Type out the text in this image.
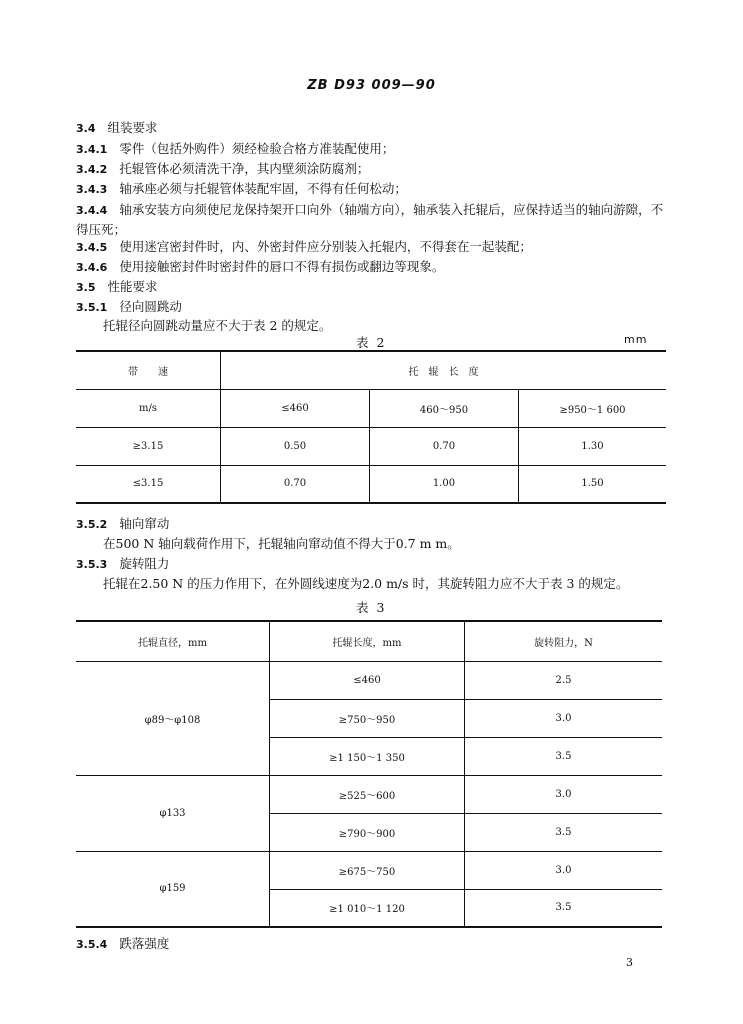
ZB D93 009—90
3.4 组装要求
3.4.1 零件（包括外购件）须经检验合格方准装配使用；
3.4.2 托辊管体必须清洗干净，其内壁须涂防腐剂；
3.4.3 轴承座必须与托辊管体装配牢固，不得有任何松动；
3.4.4 轴承安装方向须使尼龙保持架开口向外（轴端方向），轴承装入托辊后，应保持适当的轴向游隙，不得压死；
3.4.5 使用迷宫密封件时，内、外密封件应分别装入托辊内，不得套在一起装配；
3.4.6 使用接触密封件时密封件的唇口不得有损伤或翻边等现象。
3.5 性能要求
3.5.1 径向圆跳动
托辊径向圆跳动量应不大于表 2 的规定。
表 2	mm
带　　速	托　辊　长　度		
m/s	≤460	460～950	≥950～1 600
≥3.15	0.50	0.70	1.30
≤3.15	0.70	1.00	1.50
3.5.2 轴向窜动
在500 N 轴向载荷作用下，托辊轴向窜动值不得大于0.7 m m。
3.5.3 旋转阻力
托辊在2.50 N 的压力作用下，在外圆线速度为2.0 m/s 时，其旋转阻力应不大于表 3 的规定。
表 3
托辊直径，mm	托辊长度，mm	旋转阻力，N
φ89～φ108	≤460	2.5
	≥750～950	3.0
	≥1 150～1 350	3.5
φ133	≥525～600	3.0
	≥790～900	3.5
φ159	≥675～750	3.0
	≥1 010～1 120	3.5
3.5.4 跌落强度
3
